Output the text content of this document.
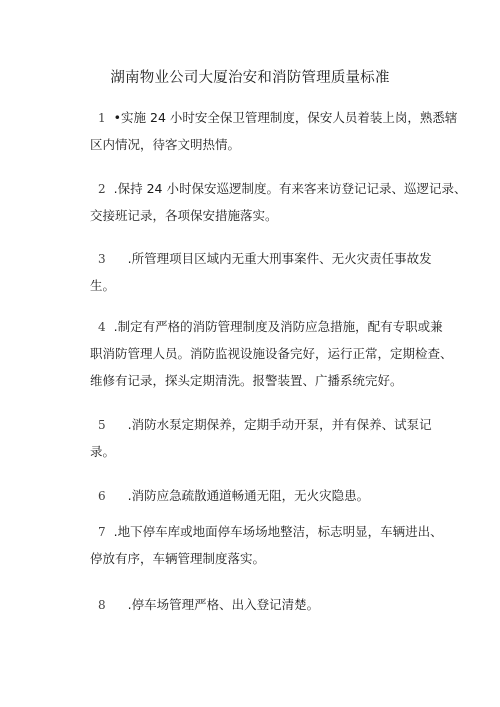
湖南物业公司大厦治安和消防管理质量标准
1 •实施 24 小时安全保卫管理制度，保安人员着装上岗，熟悉辖
区内情况，待客文明热情。
2 .保持 24 小时保安巡逻制度。有来客来访登记记录、巡逻记录、
交接班记录，各项保安措施落实。
3 .所管理项目区域内无重大刑事案件、无火灾责任事故发
生。
4 .制定有严格的消防管理制度及消防应急措施，配有专职或兼
职消防管理人员。消防监视设施设备完好，运行正常，定期检查、
维修有记录，探头定期清洗。报警装置、广播系统完好。
5 .消防水泵定期保养，定期手动开泵，并有保养、试泵记
录。
6 .消防应急疏散通道畅通无阻，无火灾隐患。
7 .地下停车库或地面停车场场地整洁，标志明显，车辆进出、
停放有序，车辆管理制度落实。
8 .停车场管理严格、出入登记清楚。
